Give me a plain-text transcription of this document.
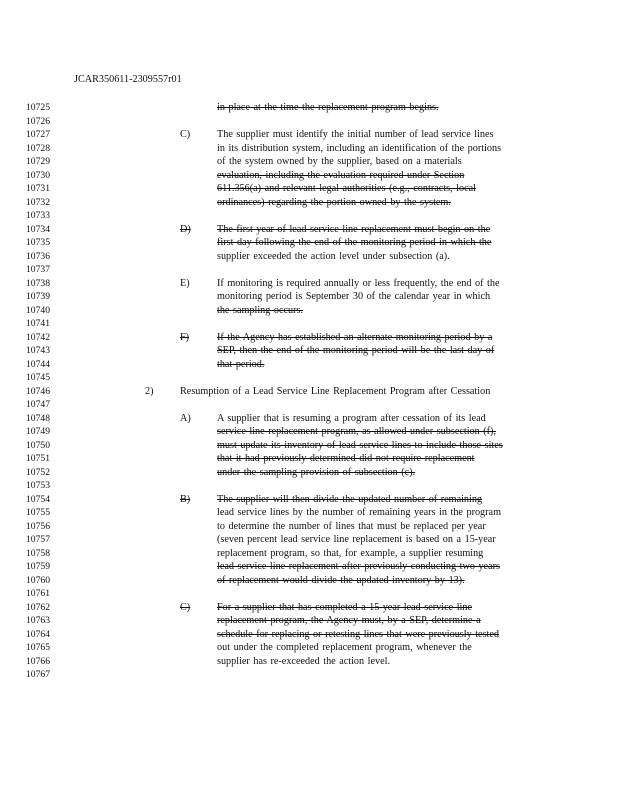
JCAR350611-2309557r01
10725
10726
10727
10728
10729
10730
10731
10732
10733
10734
10735
10736
10737
10738
10739
10740
10741
10742
10743
10744
10745
10746
10747
10748
10749
10750
10751
10752
10753
10754
10755
10756
10757
10758
10759
10760
10761
10762
10763
10764
10765
10766
10767
in place at the time the replacement program begins.
C)	The supplier must identify the initial number of lead service lines
in its distribution system, including an identification of the portions
of the system owned by the supplier, based on a materials
evaluation, including the evaluation required under Section
611.356(a) and relevant legal authorities (e.g., contracts, local
ordinances) regarding the portion owned by the system.
D)	The first year of lead service line replacement must begin on the
first day following the end of the monitoring period in which the
supplier exceeded the action level under subsection (a).
E)	If monitoring is required annually or less frequently, the end of the
monitoring period is September 30 of the calendar year in which
the sampling occurs.
F)	If the Agency has established an alternate monitoring period by a
SEP, then the end of the monitoring period will be the last day of
that period.
2)	Resumption of a Lead Service Line Replacement Program after Cessation
A)	A supplier that is resuming a program after cessation of its lead
service line replacement program, as allowed under subsection (f),
must update its inventory of lead service lines to include those sites
that it had previously determined did not require replacement
under the sampling provision of subsection (c).
B)	The supplier will then divide the updated number of remaining
lead service lines by the number of remaining years in the program
to determine the number of lines that must be replaced per year
(seven percent lead service line replacement is based on a 15-year
replacement program, so that, for example, a supplier resuming
lead service line replacement after previously conducting two years
of replacement would divide the updated inventory by 13).
C)	For a supplier that has completed a 15-year lead service line
replacement program, the Agency must, by a SEP, determine a
schedule for replacing or retesting lines that were previously tested
out under the completed replacement program, whenever the
supplier has re-exceeded the action level.
